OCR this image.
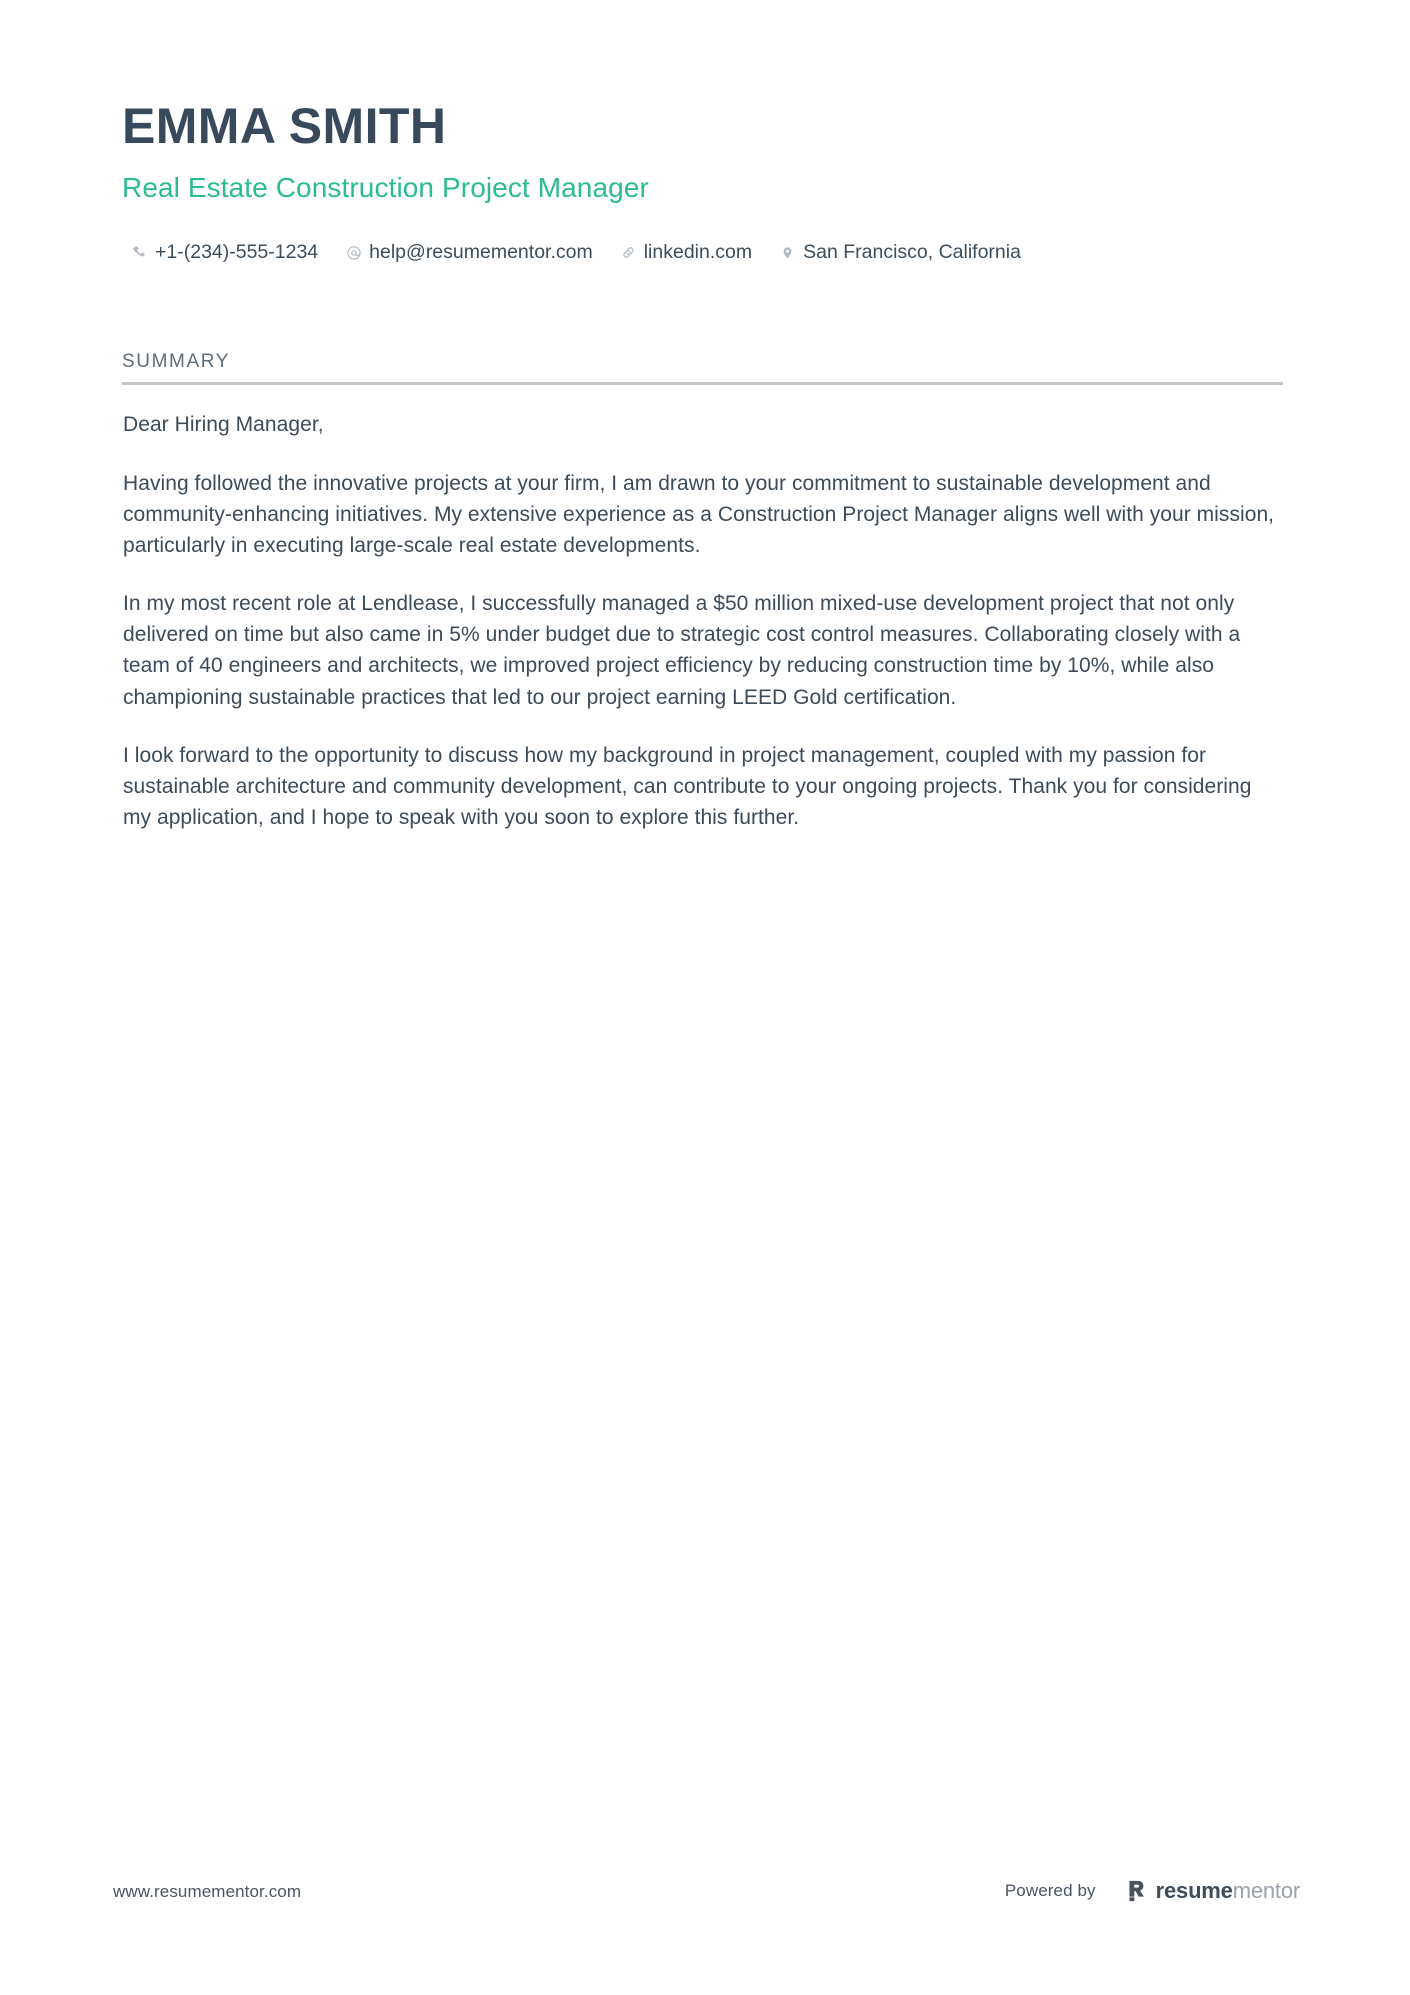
EMMA SMITH
Real Estate Construction Project Manager
+1-(234)-555-1234	help@resumementor.com	linkedin.com	San Francisco, California
SUMMARY

Dear Hiring Manager,

Having followed the innovative projects at your firm, I am drawn to your commitment to sustainable development and community-enhancing initiatives. My extensive experience as a Construction Project Manager aligns well with your mission, particularly in executing large-scale real estate developments.

In my most recent role at Lendlease, I successfully managed a $50 million mixed-use development project that not only delivered on time but also came in 5% under budget due to strategic cost control measures. Collaborating closely with a team of 40 engineers and architects, we improved project efficiency by reducing construction time by 10%, while also championing sustainable practices that led to our project earning LEED Gold certification.

I look forward to the opportunity to discuss how my background in project management, coupled with my passion for sustainable architecture and community development, can contribute to your ongoing projects. Thank you for considering my application, and I hope to speak with you soon to explore this further.

www.resumementor.com	Powered by	resume mentor
